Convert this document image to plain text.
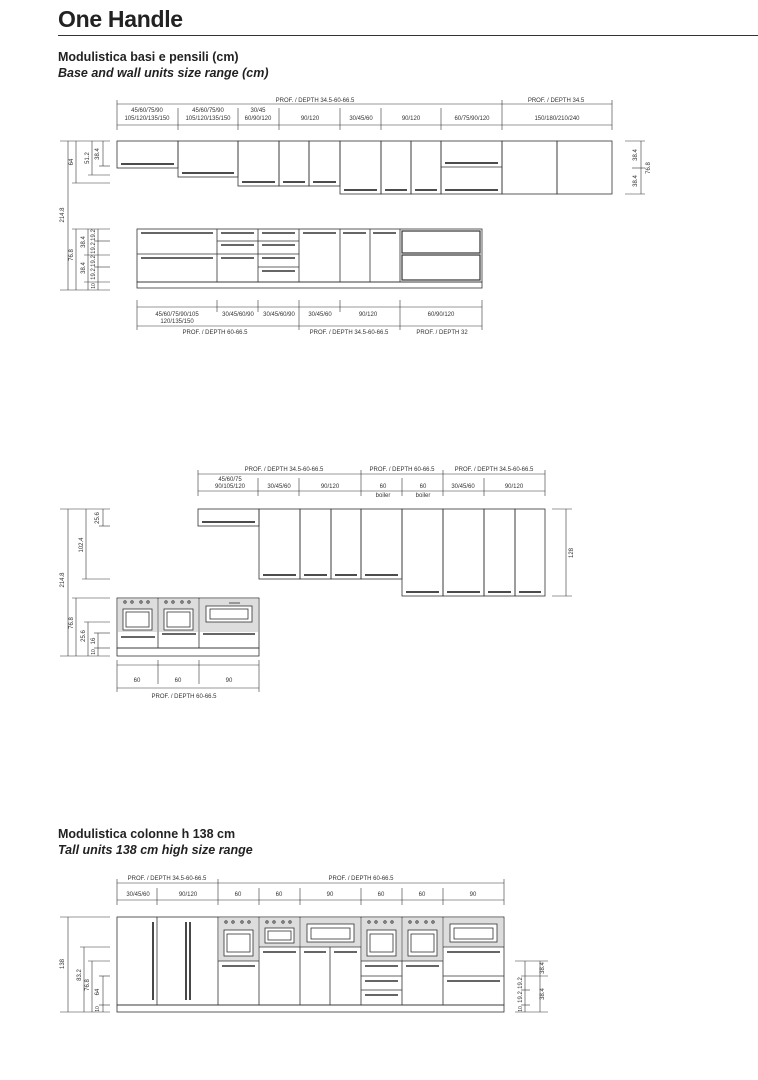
One Handle
Modulistica basi e pensili (cm)
Base and wall units size range (cm)
Modulistica colonne h 138 cm
Tall units 138 cm high size range
PROF. / DEPTH 34.5-60-66.5	PROF. / DEPTH 34.5
45/60/75/90
105/120/135/150
45/60/75/90
105/120/135/150
30/45
60/90/120	90/120	30/45/60	90/120	60/75/90/120	150/180/210/240
38.4
76.8
38.4
64 51.2 38.4
214.8
76.8
38.4
38.4
19.2
19.2
19.2
19.2
10
45/60/75/90/105
120/135/150
30/45/60/90 30/45/60/90 30/45/60	90/120	60/90/120
PROF. / DEPTH 60-66.5	PROF. / DEPTH 34.5-60-66.5	PROF. / DEPTH 32
PROF. / DEPTH 34.5-60-66.5	PROF. / DEPTH 60-66.5	PROF. / DEPTH 34.5-60-66.5
45/60/75
90/105/120	30/45/60	90/120	60
boiler
60
boiler
30/45/60	90/120
128
25.6
102.4
214.8
76.8
25.6 16
10
60	60	90
PROF. / DEPTH 60-66.5
PROF. / DEPTH 34.5-60-66.5	PROF. / DEPTH 60-66.5
30/45/60	90/120	60	60	90	60	60	90
138
83.2
76.8
64
10
38.4
19.2
19.2	38.4
10
